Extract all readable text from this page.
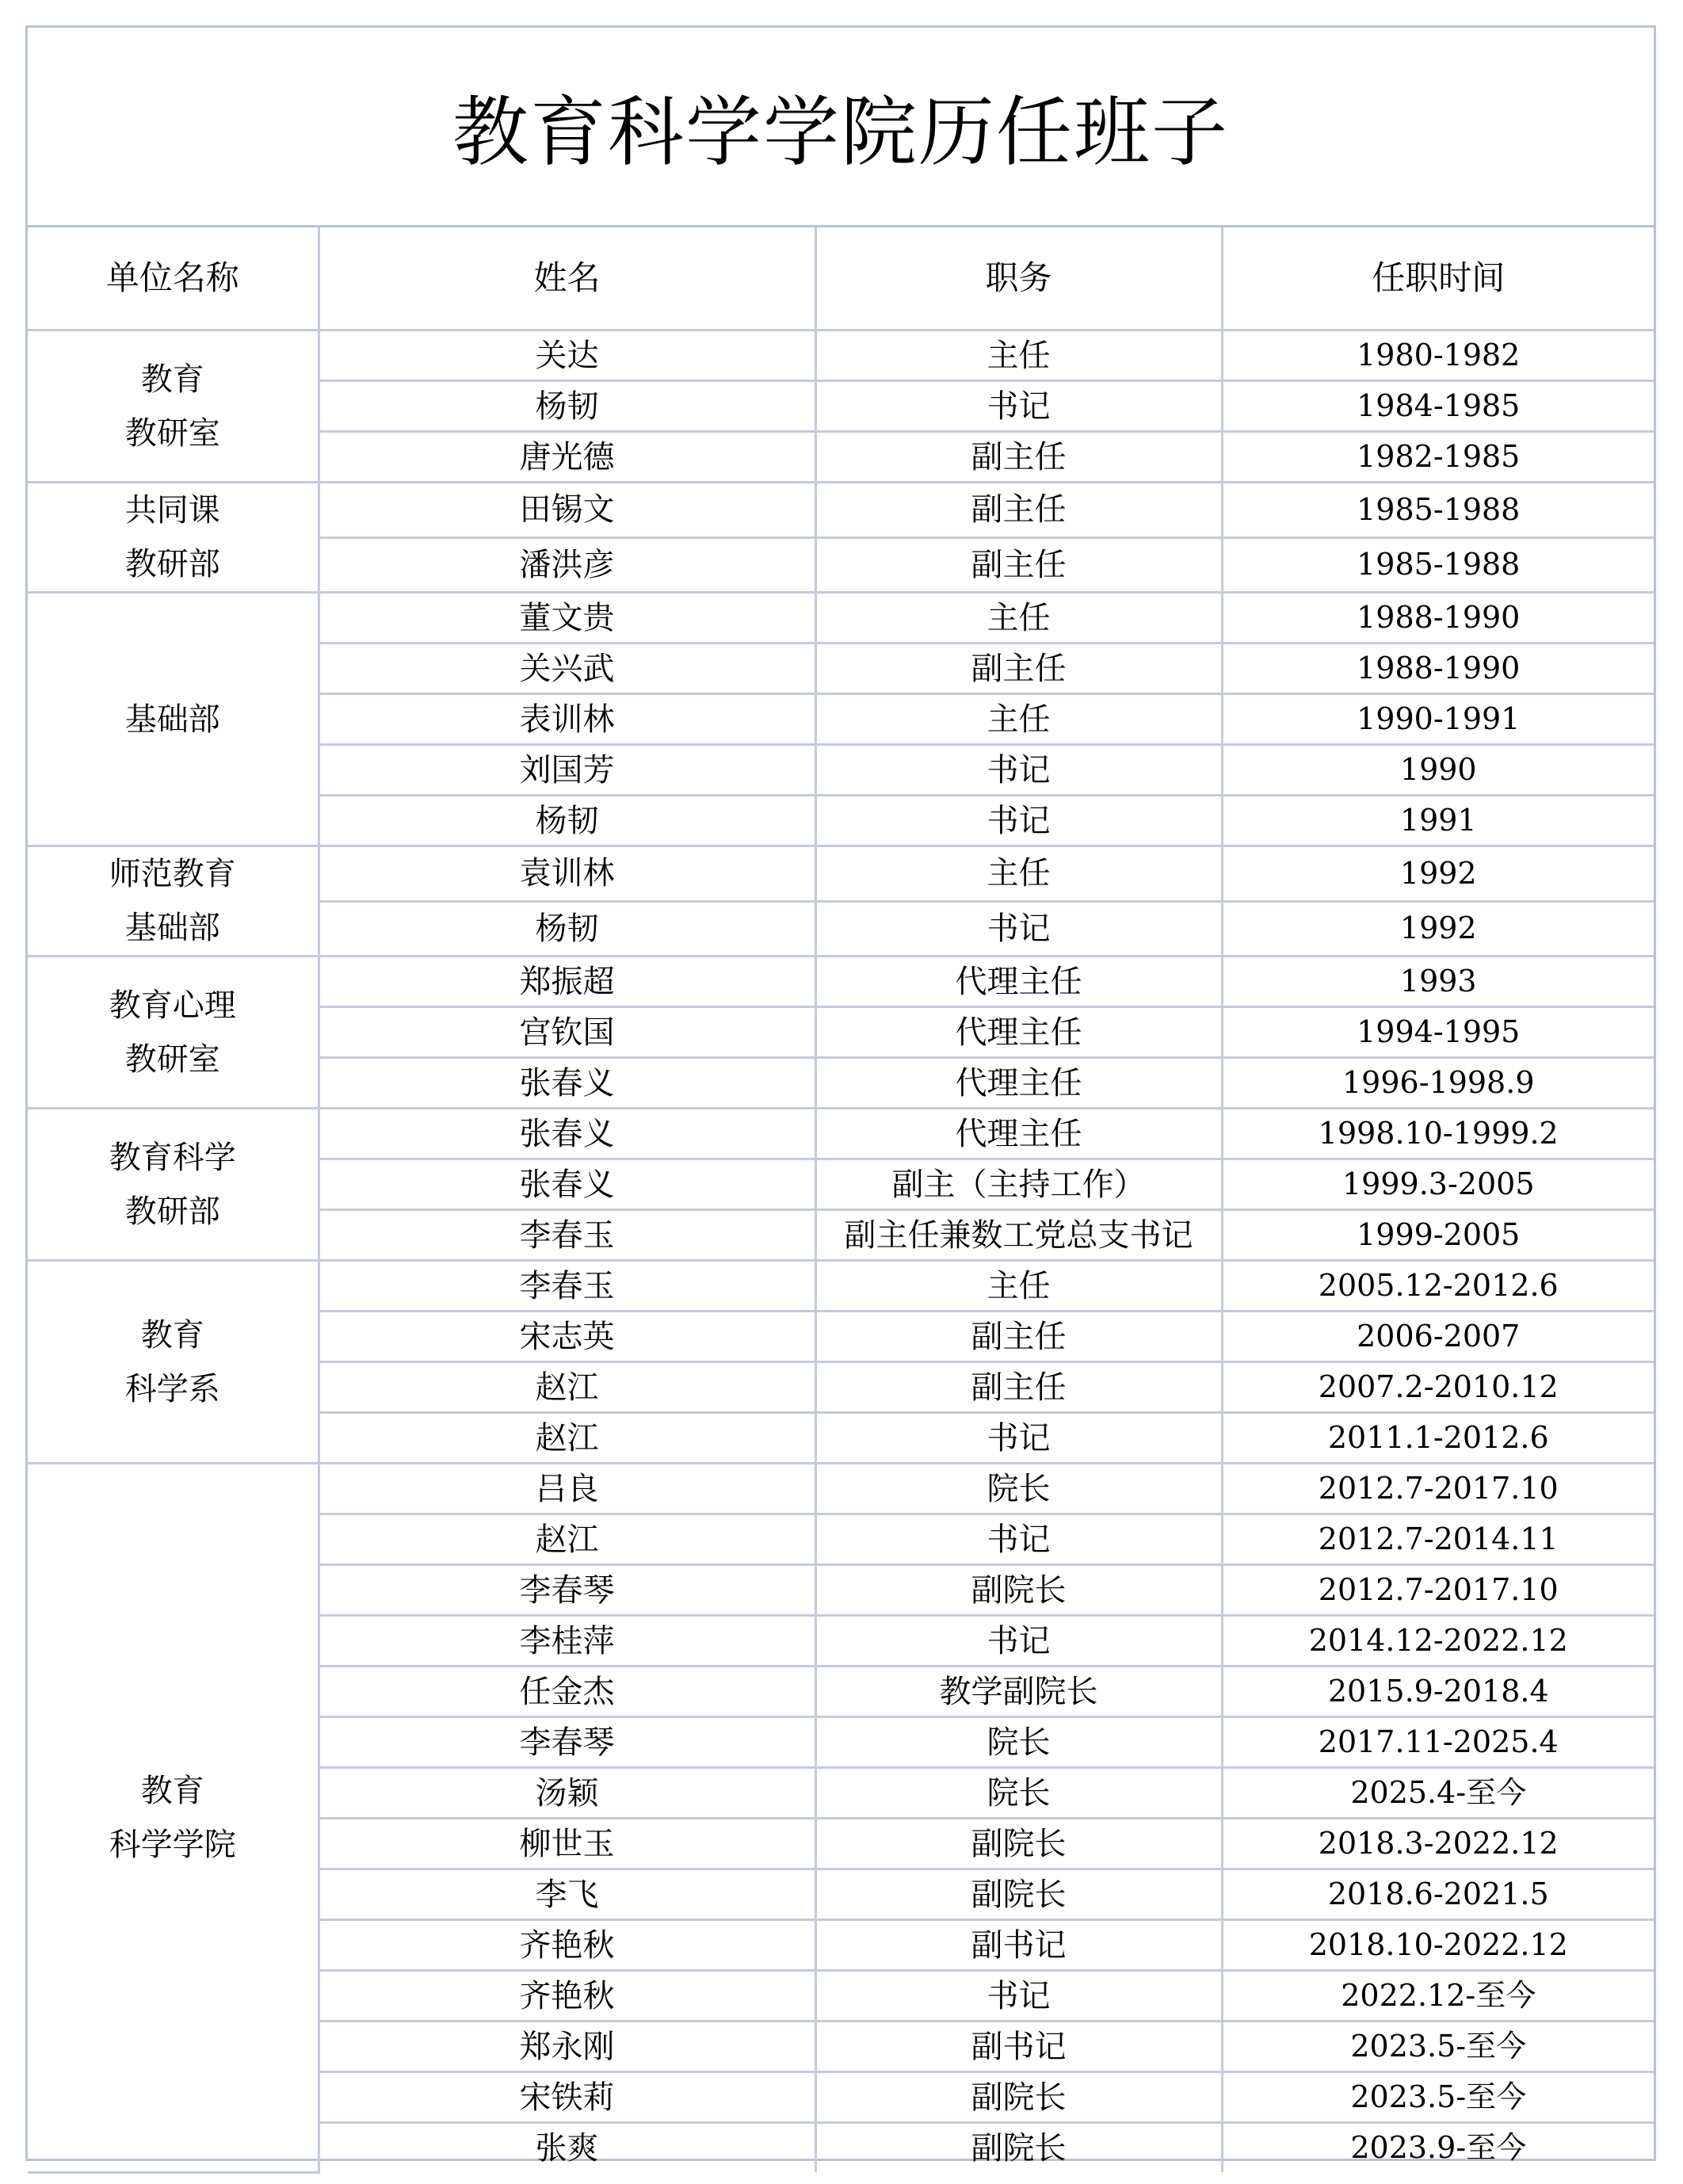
教育科学学院历任班子
单位名称	姓名	职务	任职时间

教育
教研室	关达	主任	1980-1982
	杨韧	书记	1984-1985
	唐光德	副主任	1982-1985

共同课
教研部	田锡文	副主任	1985-1988
	潘洪彦	副主任	1985-1988

基础部	董文贵	主任	1988-1990
	关兴武	副主任	1988-1990
	表训林	主任	1990-1991
	刘国芳	书记	1990
	杨韧	书记	1991

师范教育
基础部	袁训林	主任	1992
	杨韧	书记	1992

教育心理
教研室	郑振超	代理主任	1993
	宫钦国	代理主任	1994-1995
	张春义	代理主任	1996-1998.9

教育科学
教研部	张春义	代理主任	1998.10-1999.2
	张春义	副主（主持工作）	1999.3-2005
	李春玉	副主任兼数工党总支书记	1999-2005

教育
科学系	李春玉	主任	2005.12-2012.6
	宋志英	副主任	2006-2007
	赵江	副主任	2007.2-2010.12
	赵江	书记	2011.1-2012.6

教育
科学学院	吕良	院长	2012.7-2017.10
	赵江	书记	2012.7-2014.11
	李春琴	副院长	2012.7-2017.10
	李桂萍	书记	2014.12-2022.12
	任金杰	教学副院长	2015.9-2018.4
	李春琴	院长	2017.11-2025.4
	汤颖	院长	2025.4-至今
	柳世玉	副院长	2018.3-2022.12
	李飞	副院长	2018.6-2021.5
	齐艳秋	副书记	2018.10-2022.12
	齐艳秋	书记	2022.12-至今
	郑永刚	副书记	2023.5-至今
	宋铁莉	副院长	2023.5-至今
	张爽	副院长	2023.9-至今
